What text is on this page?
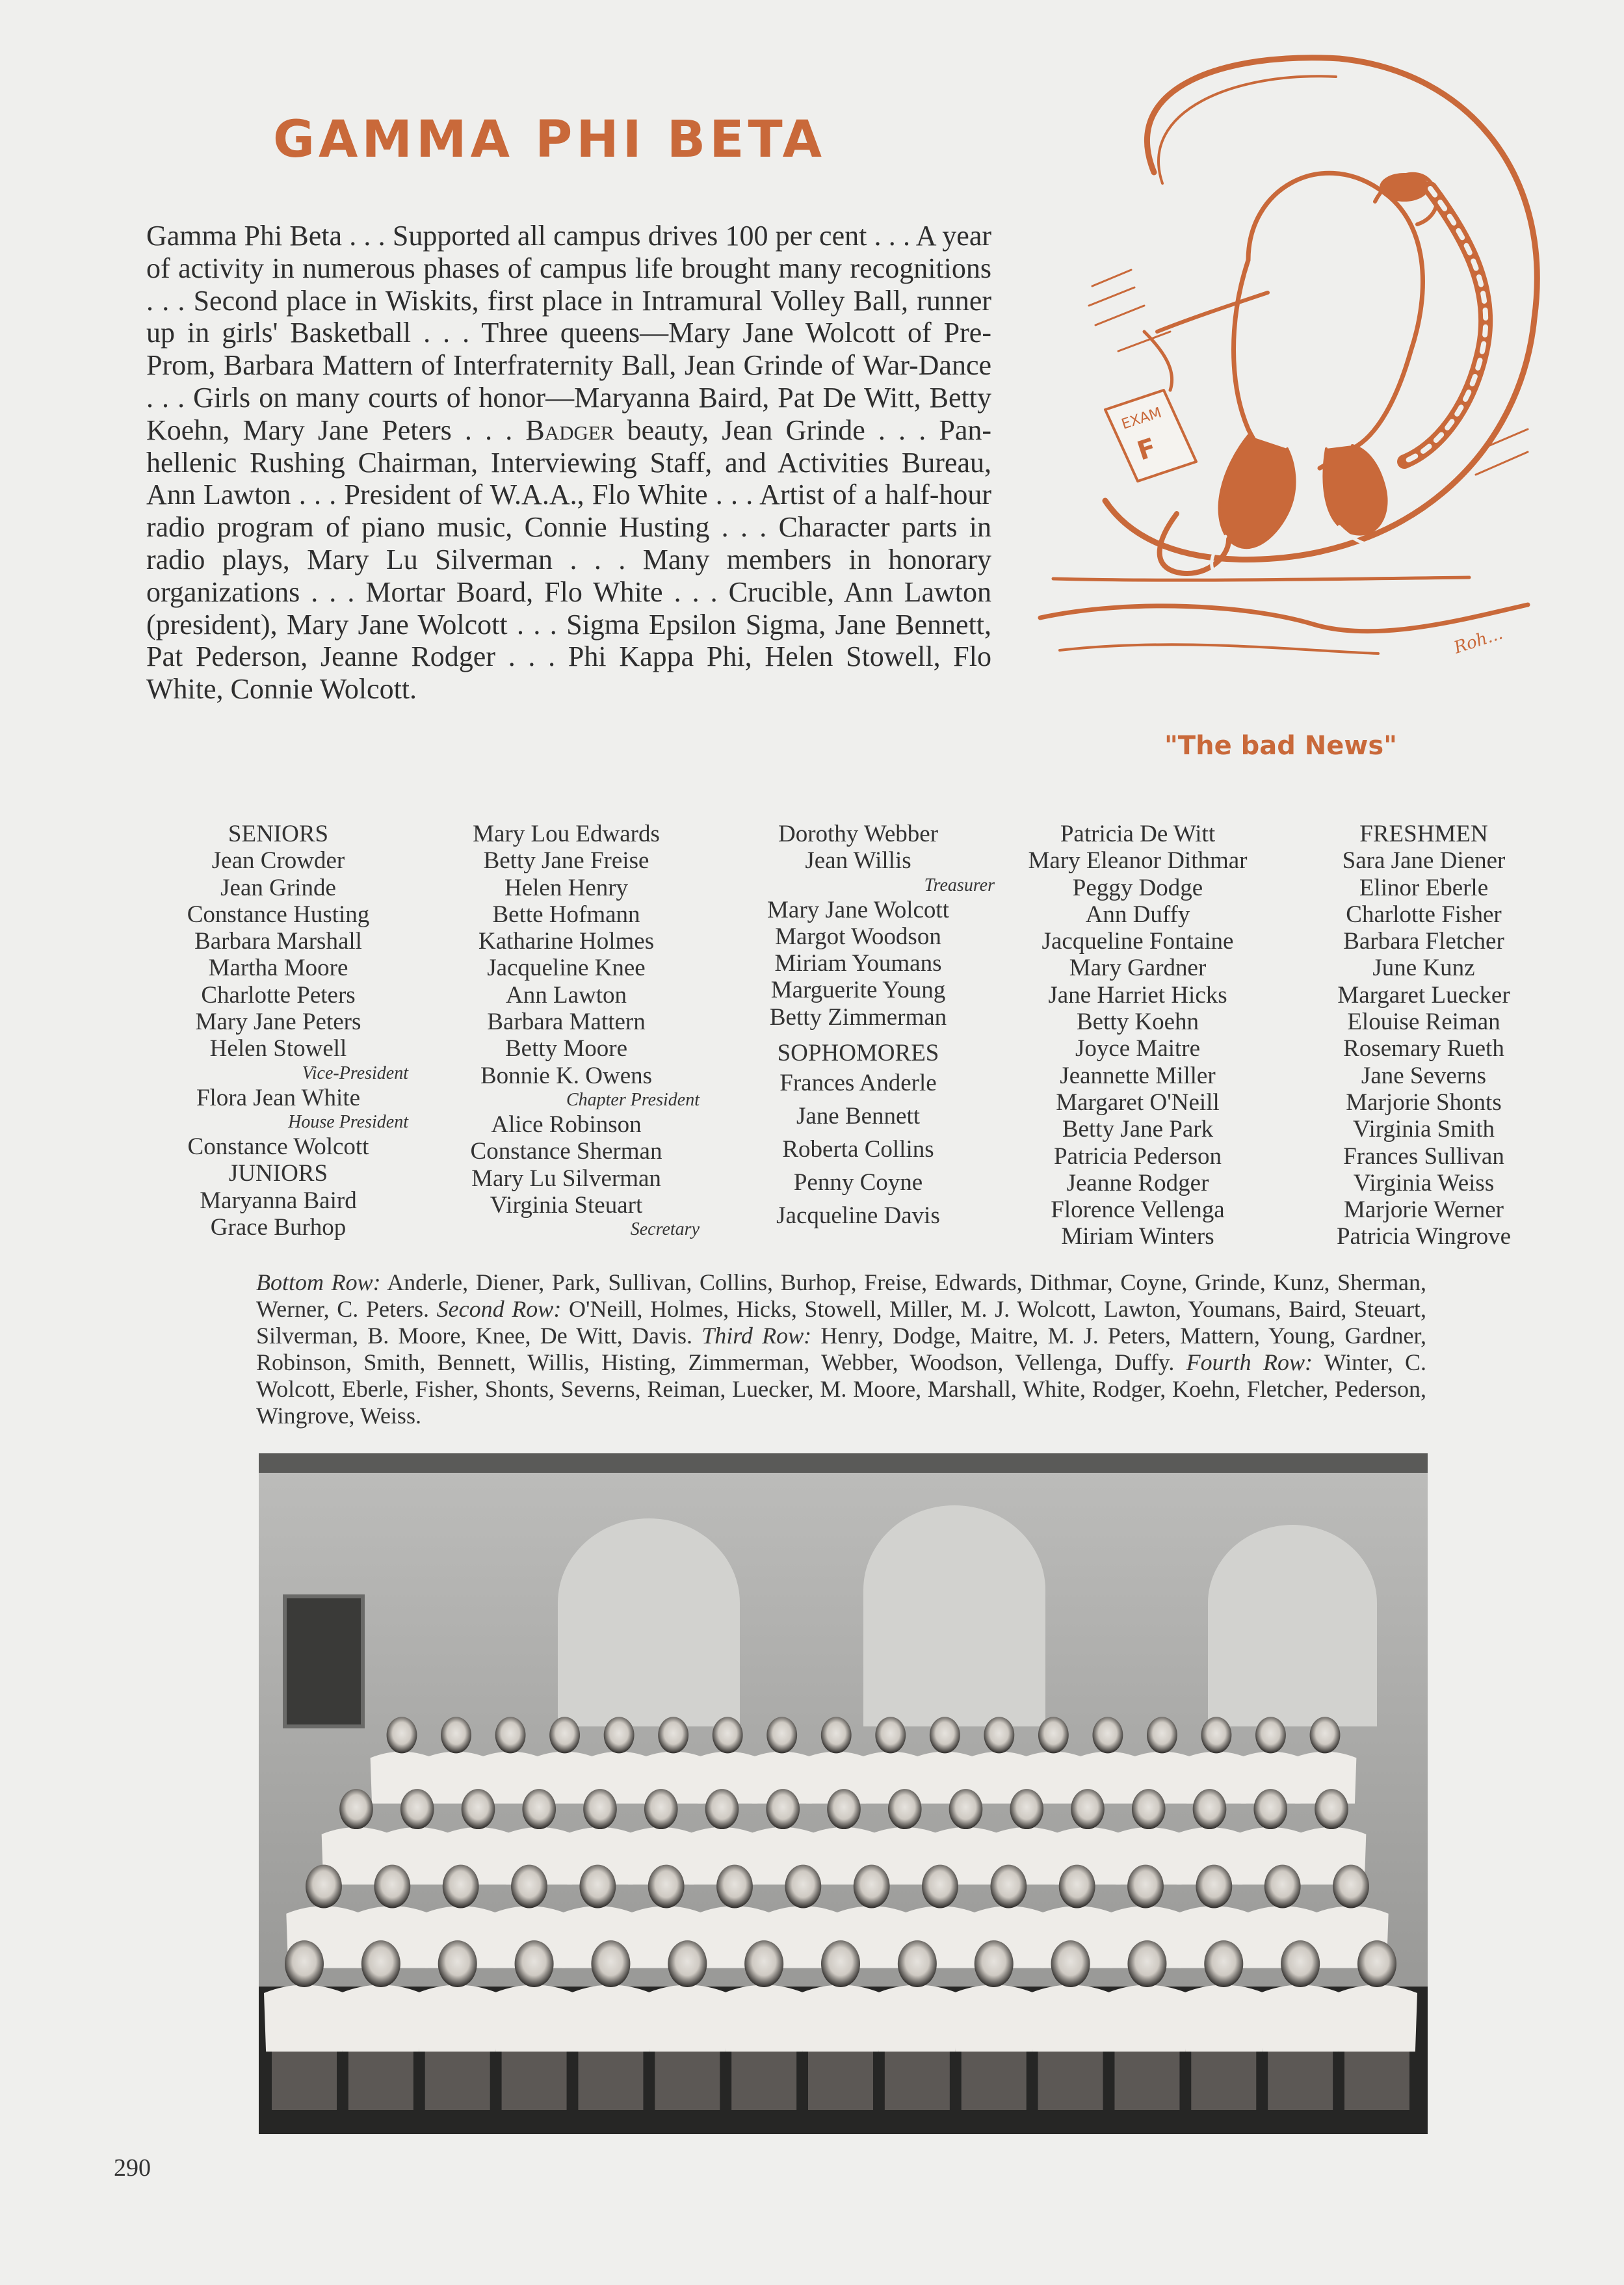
GAMMA PHI BETA
Gamma Phi Beta . . . Supported all campus drives 100 per cent . . . A year of activity in numerous phases of campus life brought many recognitions . . . Second place in Wiskits, first place in Intramural Volley Ball, runner up in girls' Basketball . . . Three queens—Mary Jane Wolcott of Pre-Prom, Barbara Mattern of Interfraternity Ball, Jean Grinde of War-Dance . . . Girls on many courts of honor—Maryanna Baird, Pat De Witt, Betty Koehn, Mary Jane Peters . . . Badger beauty, Jean Grinde . . . Pan-hellenic Rushing Chairman, Interviewing Staff, and Activities Bureau, Ann Lawton . . . President of W.A.A., Flo White . . . Artist of a half-hour radio program of piano music, Connie Husting . . . Character parts in radio plays, Mary Lu Silverman . . . Many members in honorary organizations . . . Mortar Board, Flo White . . . Crucible, Ann Lawton (president), Mary Jane Wolcott . . . Sigma Epsilon Sigma, Jane Bennett, Pat Pederson, Jeanne Rodger . . . Phi Kappa Phi, Helen Stowell, Flo White, Connie Wolcott.
EXAM
F
Roh...
"The bad News"
SENIORS
Jean Crowder
Jean Grinde
Constance Husting
Barbara Marshall
Martha Moore
Charlotte Peters
Mary Jane Peters
Helen Stowell
Vice-President
Flora Jean White
House President
Constance Wolcott
JUNIORS
Maryanna Baird
Grace Burhop
Mary Lou Edwards
Betty Jane Freise
Helen Henry
Bette Hofmann
Katharine Holmes
Jacqueline Knee
Ann Lawton
Barbara Mattern
Betty Moore
Bonnie K. Owens
Chapter President
Alice Robinson
Constance Sherman
Mary Lu Silverman
Virginia Steuart
Secretary
Dorothy Webber
Jean Willis
Treasurer
Mary Jane Wolcott
Margot Woodson
Miriam Youmans
Marguerite Young
Betty Zimmerman
SOPHOMORES
Frances Anderle
Jane Bennett
Roberta Collins
Penny Coyne
Jacqueline Davis
Patricia De Witt
Mary Eleanor Dithmar
Peggy Dodge
Ann Duffy
Jacqueline Fontaine
Mary Gardner
Jane Harriet Hicks
Betty Koehn
Joyce Maitre
Jeannette Miller
Margaret O'Neill
Betty Jane Park
Patricia Pederson
Jeanne Rodger
Florence Vellenga
Miriam Winters
FRESHMEN
Sara Jane Diener
Elinor Eberle
Charlotte Fisher
Barbara Fletcher
June Kunz
Margaret Luecker
Elouise Reiman
Rosemary Rueth
Jane Severns
Marjorie Shonts
Virginia Smith
Frances Sullivan
Virginia Weiss
Marjorie Werner
Patricia Wingrove
Bottom Row: Anderle, Diener, Park, Sullivan, Collins, Burhop, Freise, Edwards, Dithmar, Coyne, Grinde, Kunz, Sherman, Werner, C. Peters. Second Row: O'Neill, Holmes, Hicks, Stowell, Miller, M. J. Wolcott, Lawton, Youmans, Baird, Steuart, Silverman, B. Moore, Knee, De Witt, Davis. Third Row: Henry, Dodge, Maitre, M. J. Peters, Mattern, Young, Gardner, Robinson, Smith, Bennett, Willis, Histing, Zimmerman, Webber, Woodson, Vellenga, Duffy. Fourth Row: Winter, C. Wolcott, Eberle, Fisher, Shonts, Severns, Reiman, Luecker, M. Moore, Marshall, White, Rodger, Koehn, Fletcher, Pederson, Wingrove, Weiss.
290
